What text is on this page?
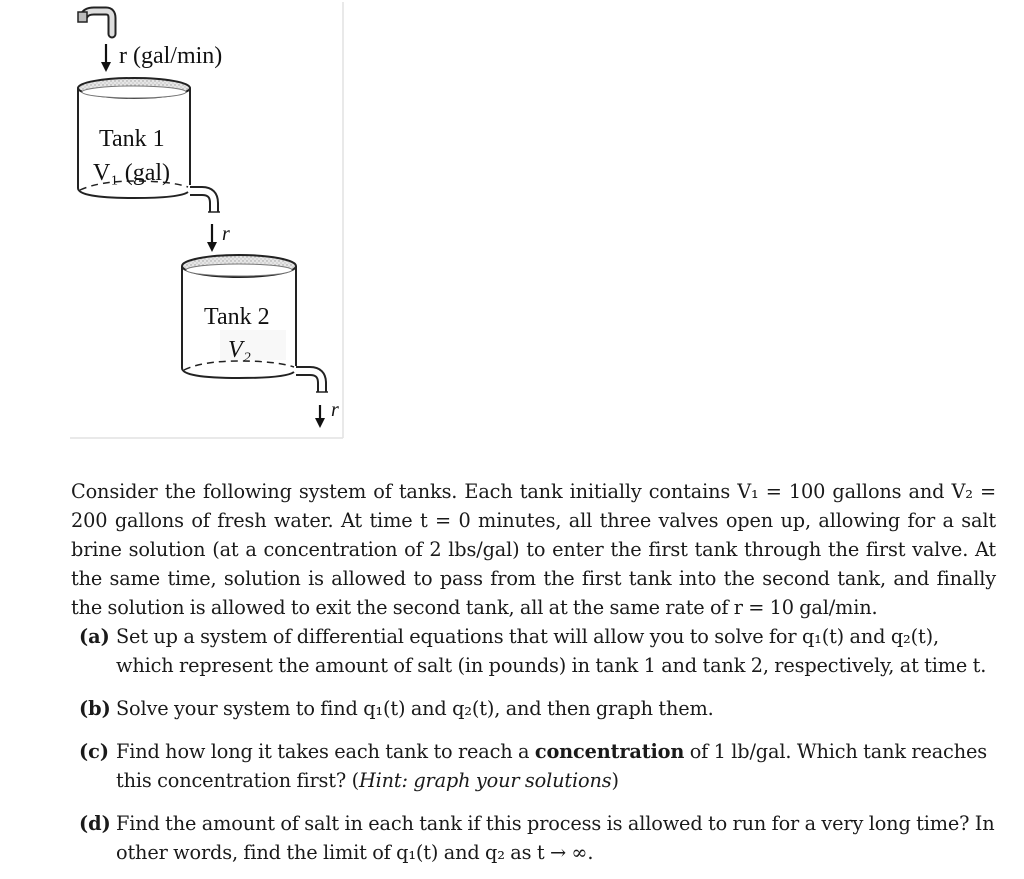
r (gal/min)
Tank 1
V₁ (gal)
r
Tank 2
V₂
r

Consider the following system of tanks. Each tank initially contains V₁ = 100 gallons and V₂ = 200 gallons of fresh water. At time t = 0 minutes, all three valves open up, allowing for a salt brine solution (at a concentration of 2 lbs/gal) to enter the first tank through the first valve. At the same time, solution is allowed to pass from the first tank into the second tank, and finally the solution is allowed to exit the second tank, all at the same rate of r = 10 gal/min.

(a) Set up a system of differential equations that will allow you to solve for q₁(t) and q₂(t), which represent the amount of salt (in pounds) in tank 1 and tank 2, respectively, at time t.
(b) Solve your system to find q₁(t) and q₂(t), and then graph them.
(c) Find how long it takes each tank to reach a concentration of 1 lb/gal. Which tank reaches this concentration first? (Hint: graph your solutions)
(d) Find the amount of salt in each tank if this process is allowed to run for a very long time? In other words, find the limit of q₁(t) and q₂ as t → ∞.
